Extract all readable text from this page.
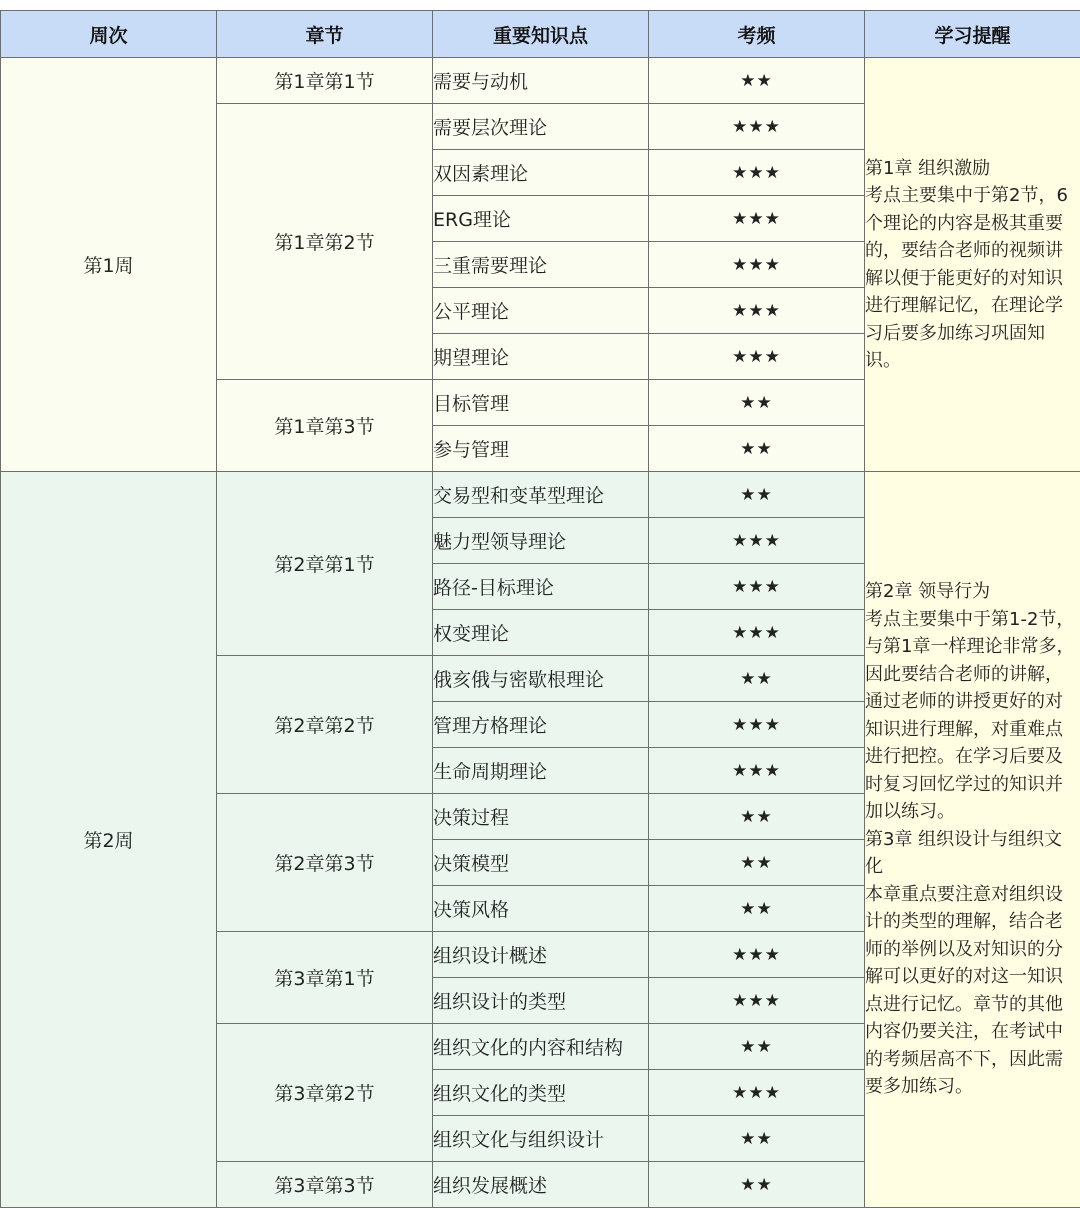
周次	章节	重要知识点	考频	学习提醒
第1周	第1章第1节	需要与动机	★★	第1章 组织激励
考点主要集中于第2节，6个理论的内容是极其重要的，要结合老师的视频讲解以便于能更好的对知识进行理解记忆，在理论学习后要多加练习巩固知识。
	第1章第2节	需要层次理论	★★★	
		双因素理论	★★★	
		ERG理论	★★★	
		三重需要理论	★★★	
		公平理论	★★★	
		期望理论	★★★	
	第1章第3节	目标管理	★★	
		参与管理	★★	
第2周	第2章第1节	交易型和变革型理论	★★	第2章 领导行为
考点主要集中于第1-2节，与第1章一样理论非常多，因此要结合老师的讲解，通过老师的讲授更好的对知识进行理解，对重难点进行把控。在学习后要及时复习回忆学过的知识并加以练习。
第3章 组织设计与组织文化
本章重点要注意对组织设计的类型的理解，结合老师的举例以及对知识的分解可以更好的对这一知识点进行记忆。章节的其他内容仍要关注，在考试中的考频居高不下，因此需要多加练习。
		魅力型领导理论	★★★	
		路径-目标理论	★★★	
		权变理论	★★★	
	第2章第2节	俄亥俄与密歇根理论	★★	
		管理方格理论	★★★	
		生命周期理论	★★★	
	第2章第3节	决策过程	★★	
		决策模型	★★	
		决策风格	★★	
	第3章第1节	组织设计概述	★★★	
		组织设计的类型	★★★	
	第3章第2节	组织文化的内容和结构	★★	
		组织文化的类型	★★★	
		组织文化与组织设计	★★	
	第3章第3节	组织发展概述	★★	
